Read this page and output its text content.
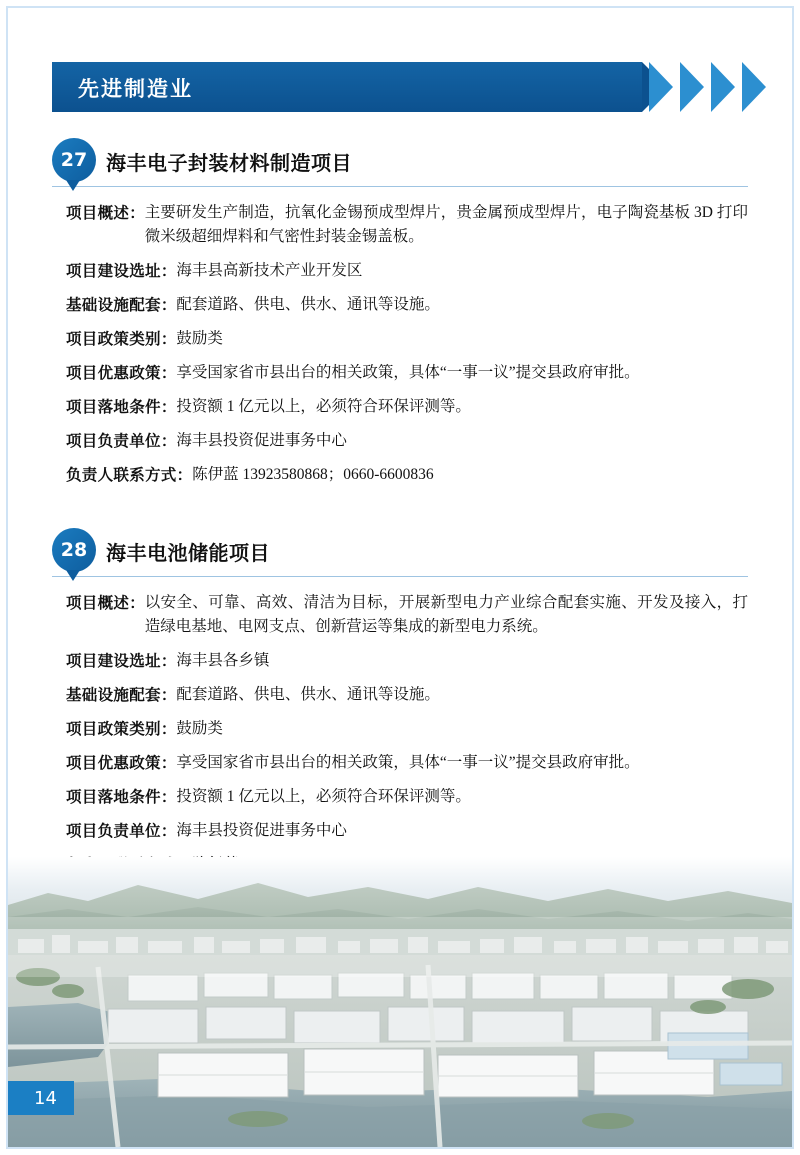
先进制造业
27 海丰电子封装材料制造项目
项目概述 ： 主要研发生产制造，抗氧化金锡预成型焊片，贵金属预成型焊片，电子陶瓷基板 3D 打印微米级超细焊料和气密性封装金锡盖板。
项目建设选址 ： 海丰县高新技术产业开发区
基础设施配套 ： 配套道路、供电、供水、通讯等设施。
项目政策类别 ： 鼓励类
项目优惠政策 ： 享受国家省市县出台的相关政策，具体“一事一议”提交县政府审批。
项目落地条件 ： 投资额 1 亿元以上，必须符合环保评测等。
项目负责单位 ： 海丰县投资促进事务中心
负责人联系方式 ： 陈伊蓝 13923580868；0660-6600836
28 海丰电池储能项目
项目概述 ： 以安全、可靠、高效、清洁为目标，开展新型电力产业综合配套实施、开发及接入，打造绿电基地、电网支点、创新营运等集成的新型电力系统。
项目建设选址 ： 海丰县各乡镇
基础设施配套 ： 配套道路、供电、供水、通讯等设施。
项目政策类别 ： 鼓励类
项目优惠政策 ： 享受国家省市县出台的相关政策，具体“一事一议”提交县政府审批。
项目落地条件 ： 投资额 1 亿元以上，必须符合环保评测等。
项目负责单位 ： 海丰县投资促进事务中心
14
